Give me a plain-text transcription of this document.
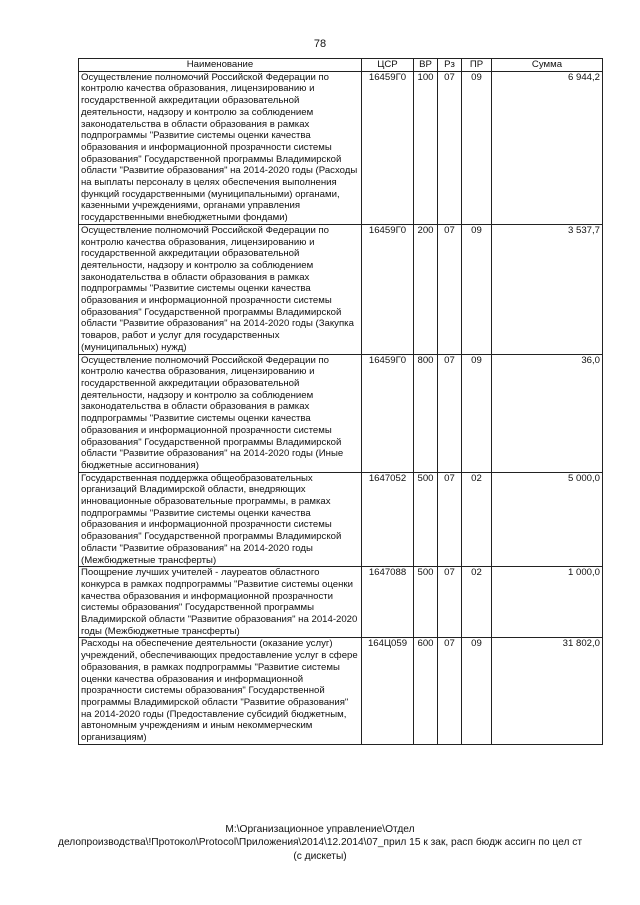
78
Наименование	ЦСР	ВР	Рз	ПР	Сумма
Осуществление полномочий Российской Федерации по контролю качества образования, лицензированию и государственной аккредитации образовательной деятельности, надзору и контролю за соблюдением законодательства в области образования в рамках подпрограммы "Развитие системы оценки качества образования и информационной прозрачности системы образования" Государственной программы Владимирской области "Развитие образования" на 2014-2020 годы (Расходы на выплаты персоналу в целях обеспечения выполнения функций государственными (муниципальными) органами, казенными учреждениями, органами управления государственными внебюджетными фондами)	16459Г0	100	07	09	6 944,2
Осуществление полномочий Российской Федерации по контролю качества образования, лицензированию и государственной аккредитации образовательной деятельности, надзору и контролю за соблюдением законодательства в области образования в рамках подпрограммы "Развитие системы оценки качества образования и информационной прозрачности системы образования" Государственной программы Владимирской области "Развитие образования" на 2014-2020 годы (Закупка товаров, работ и услуг для государственных (муниципальных) нужд)	16459Г0	200	07	09	3 537,7
Осуществление полномочий Российской Федерации по контролю качества образования, лицензированию и государственной аккредитации образовательной деятельности, надзору и контролю за соблюдением законодательства в области образования в рамках подпрограммы "Развитие системы оценки качества образования и информационной прозрачности системы образования" Государственной программы Владимирской области "Развитие образования" на 2014-2020 годы (Иные бюджетные ассигнования)	16459Г0	800	07	09	36,0
Государственная поддержка общеобразовательных организаций Владимирской области, внедряющих инновационные образовательные программы, в рамках подпрограммы "Развитие системы оценки качества образования и информационной прозрачности системы образования" Государственной программы Владимирской области "Развитие образования" на 2014-2020 годы (Межбюджетные трансферты)	1647052	500	07	02	5 000,0
Поощрение лучших учителей - лауреатов областного конкурса в рамках подпрограммы "Развитие системы оценки качества образования и информационной прозрачности системы образования" Государственной программы Владимирской области "Развитие образования" на 2014-2020 годы (Межбюджетные трансферты)	1647088	500	07	02	1 000,0
Расходы на обеспечение деятельности (оказание услуг) учреждений, обеспечивающих предоставление услуг в сфере образования, в рамках подпрограммы "Развитие системы оценки качества образования и информационной прозрачности системы образования" Государственной программы Владимирской области "Развитие образования" на 2014-2020 годы (Предоставление субсидий бюджетным, автономным учреждениям и иным некоммерческим организациям)	164Ц059	600	07	09	31 802,0
M:\Организационное управление\Отдел
делопроизводства\!Протокол\Protocol\Приложения\2014\12.2014\07_прил 15 к зак, расп бюдж ассигн по цел ст
(с дискеты)
